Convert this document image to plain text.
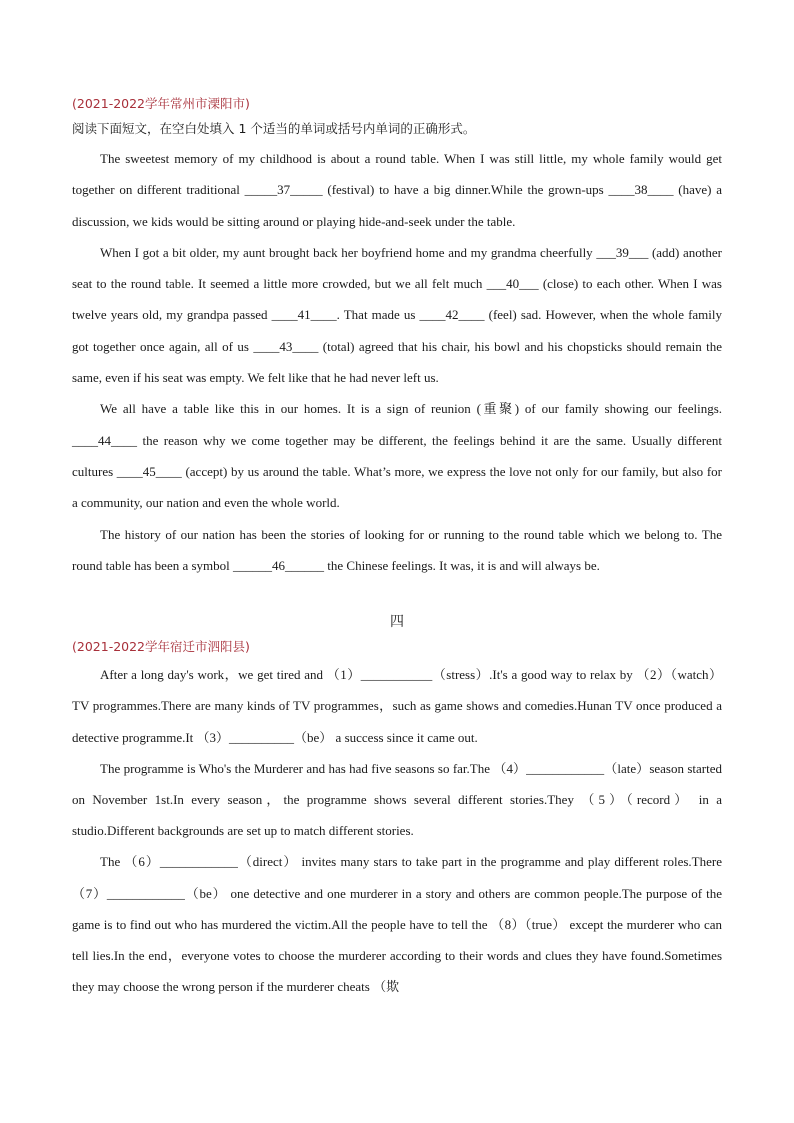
(2021-2022学年常州市溧阳市)
阅读下面短文，在空白处填入 1 个适当的单词或括号内单词的正确形式。

The sweetest memory of my childhood is about a round table. When I was still little, my whole family would get together on different traditional _____37_____ (festival) to have a big dinner.While the grown-ups ____38____ (have) a discussion, we kids would be sitting around or playing hide-and-seek under the table.

When I got a bit older, my aunt brought back her boyfriend home and my grandma cheerfully ___39___ (add) another seat to the round table. It seemed a little more crowded, but we all felt much ___40___ (close) to each other. When I was twelve years old, my grandpa passed ____41____. That made us ____42____ (feel) sad. However, when the whole family got together once again, all of us ____43____ (total) agreed that his chair, his bowl and his chopsticks should remain the same, even if his seat was empty. We felt like that he had never left us.

We all have a table like this in our homes. It is a sign of reunion (重聚) of our family showing our feelings. ____44____ the reason why we come together may be different, the feelings behind it are the same. Usually different cultures ____45____ (accept) by us around the table. What’s more, we express the love not only for our family, but also for a community, our nation and even the whole world.

The history of our nation has been the stories of looking for or running to the round table which we belong to. The round table has been a symbol ______46______ the Chinese feelings. It was, it is and will always be.

四
(2021-2022学年宿迁市泗阳县)

After a long day's work，we get tired and （1）___________（stress）.It's a good way to relax by （2）（watch） TV programmes.There are many kinds of TV programmes，such as game shows and comedies.Hunan TV once produced a detective programme.It （3）__________（be） a success since it came out.

The programme is Who's the Murderer and has had five seasons so far.The （4）____________（late）season started on November 1st.In every season，the programme shows several different stories.They （5）（record） in a studio.Different backgrounds are set up to match different stories.

The （6）____________（direct） invites many stars to take part in the programme and play different roles.There （7）____________（be） one detective and one murderer in a story and others are common people.The purpose of the game is to find out who has murdered the victim.All the people have to tell the （8）（true） except the murderer who can tell lies.In the end，everyone votes to choose the murderer according to their words and clues they have found.Sometimes they may choose the wrong person if the murderer cheats （欺
